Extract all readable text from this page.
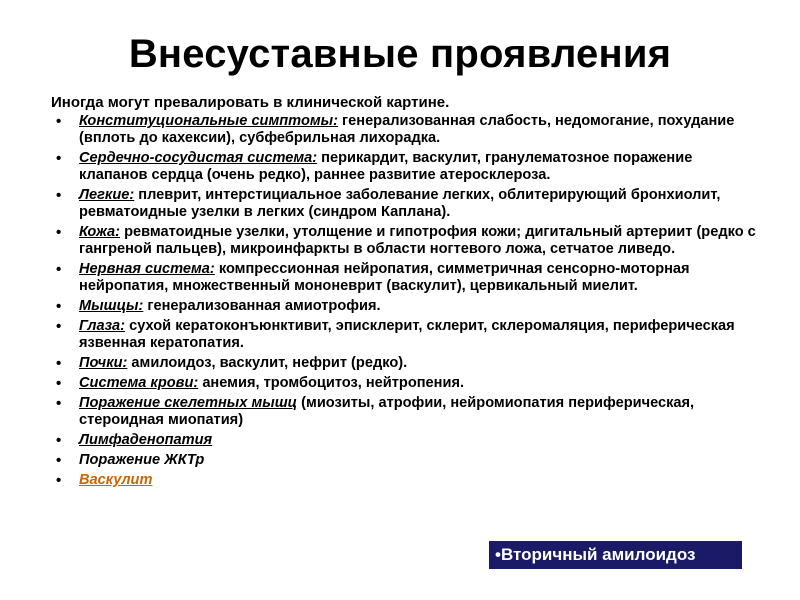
Внесуставные проявления
Иногда могут превалировать в клинической картине.
• Конституциональные симптомы: генерализованная слабость, недомогание, похудание (вплоть до кахексии), субфебрильная лихорадка.
• Сердечно-сосудистая система: перикардит, васкулит, гранулематозное поражение клапанов сердца (очень редко), раннее развитие атеросклероза.
• Легкие: плеврит, интерстициальное заболевание легких, облитерирующий бронхиолит, ревматоидные узелки в легких (синдром Каплана).
• Кожа: ревматоидные узелки, утолщение и гипотрофия кожи; дигитальный артериит (редко с гангреной пальцев), микроинфаркты в области ногтевого ложа, сетчатое ливедо.
• Нервная система: компрессионная нейропатия, симметричная сенсорно-моторная нейропатия, множественный мононеврит (васкулит), цервикальный миелит.
• Мышцы: генерализованная амиотрофия.
• Глаза: сухой кератоконъюнктивит, эписклерит, склерит, склеромаляция, периферическая язвенная кератопатия.
• Почки: амилоидоз, васкулит, нефрит (редко).
• Система крови: анемия, тромбоцитоз, нейтропения.
• Поражение скелетных мышц (миозиты, атрофии, нейромиопатия периферическая, стероидная миопатия)
• Лимфаденопатия
• Поражение ЖКТр
• Васкулит
•Вторичный амилоидоз
